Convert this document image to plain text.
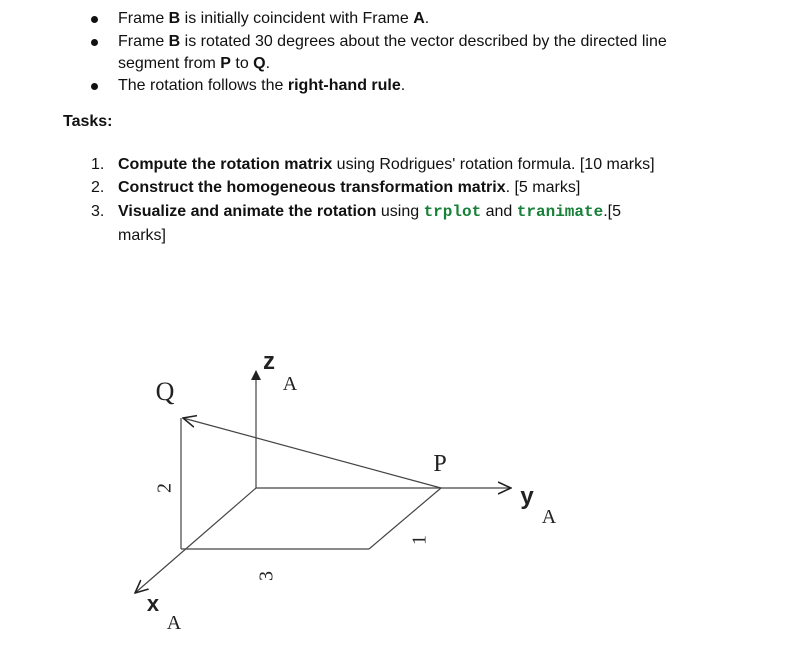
Frame B is initially coincident with Frame A.
Frame B is rotated 30 degrees about the vector described by the directed line
segment from P to Q.
The rotation follows the right-hand rule.
Tasks:
1. Compute the rotation matrix using Rodrigues' rotation formula. [10 marks]
2. Construct the homogeneous transformation matrix. [5 marks]
3. Visualize and animate the rotation using trplot and tranimate.[5
marks]
Q
P
z
A
y
A
x
A
2
3
1
